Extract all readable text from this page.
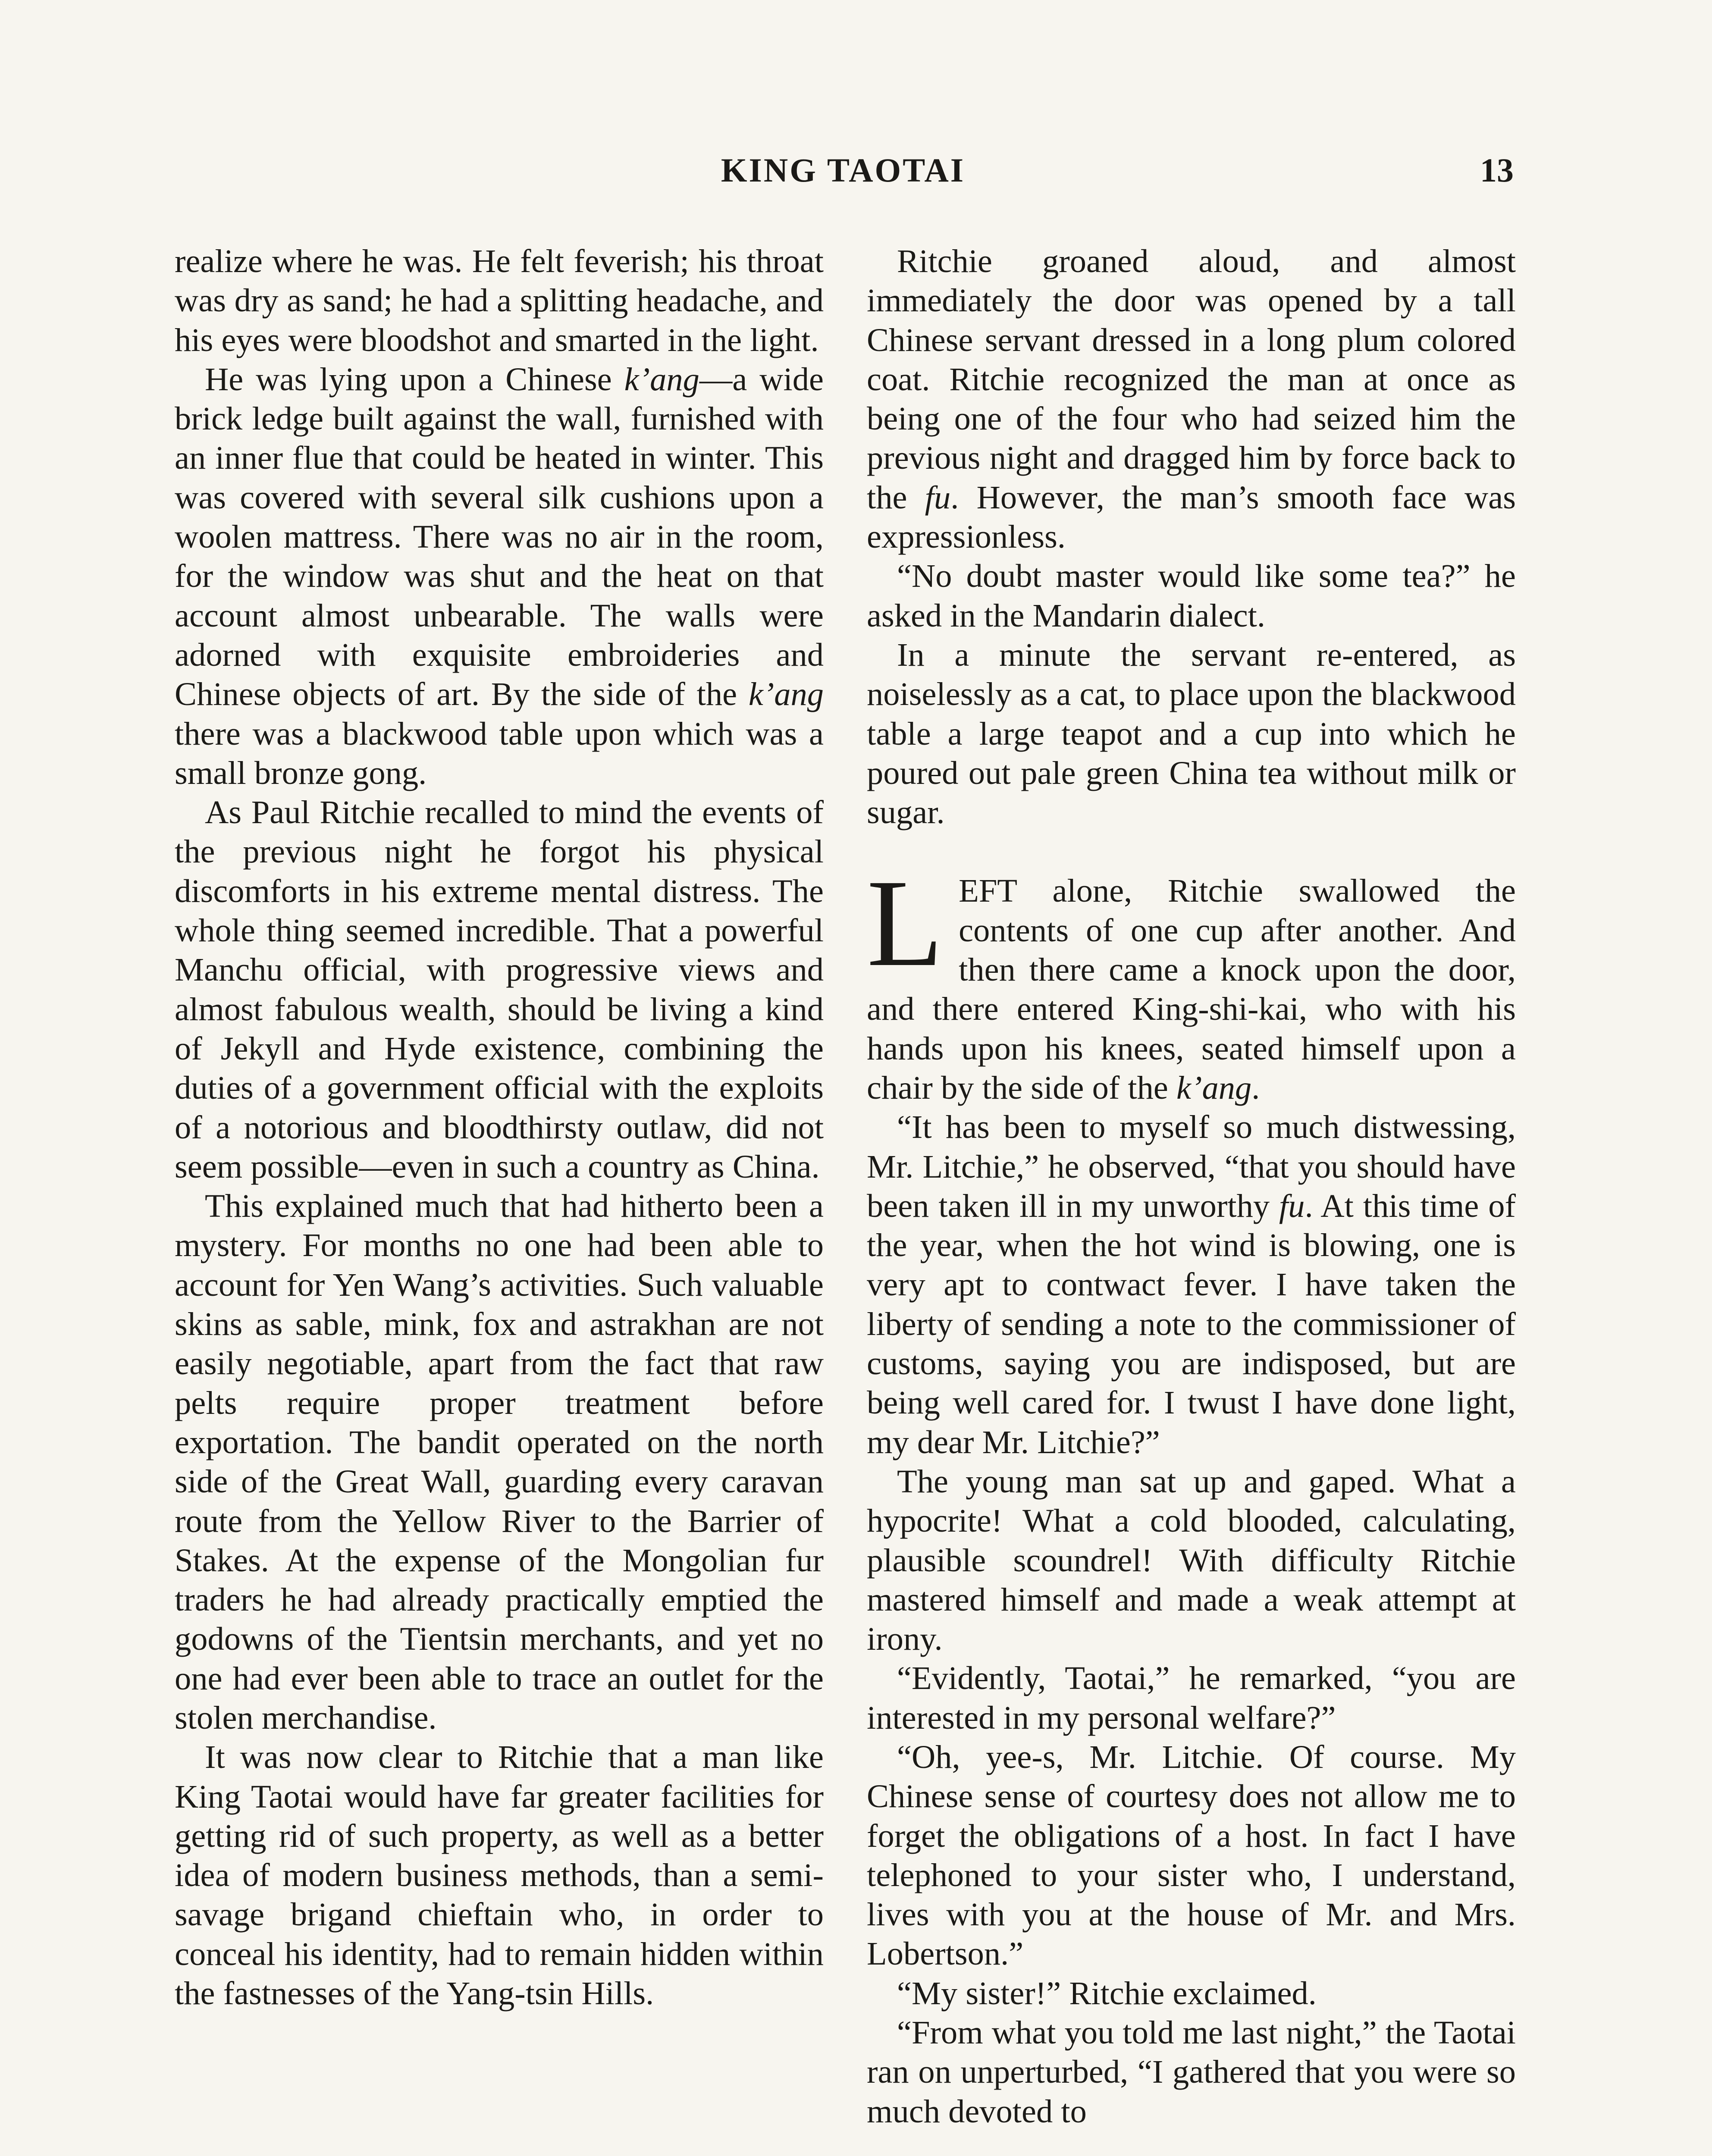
KING TAOTAI	13

realize where he was. He felt feverish; his throat was dry as sand; he had a splitting headache, and his eyes were bloodshot and smarted in the light.

He was lying upon a Chinese k’ang—a wide brick ledge built against the wall, furnished with an inner flue that could be heated in winter. This was covered with several silk cushions upon a woolen mattress. There was no air in the room, for the window was shut and the heat on that account almost unbearable. The walls were adorned with exquisite embroideries and Chinese objects of art. By the side of the k’ang there was a blackwood table upon which was a small bronze gong.

As Paul Ritchie recalled to mind the events of the previous night he forgot his physical discomforts in his extreme mental distress. The whole thing seemed incredible. That a powerful Manchu official, with progressive views and almost fabulous wealth, should be living a kind of Jekyll and Hyde existence, combining the duties of a government official with the exploits of a notorious and bloodthirsty outlaw, did not seem possible—even in such a country as China.

This explained much that had hitherto been a mystery. For months no one had been able to account for Yen Wang’s activities. Such valuable skins as sable, mink, fox and astrakhan are not easily negotiable, apart from the fact that raw pelts require proper treatment before exportation. The bandit operated on the north side of the Great Wall, guarding every caravan route from the Yellow River to the Barrier of Stakes. At the expense of the Mongolian fur traders he had already practically emptied the godowns of the Tientsin merchants, and yet no one had ever been able to trace an outlet for the stolen merchandise.

It was now clear to Ritchie that a man like King Taotai would have far greater facilities for getting rid of such property, as well as a better idea of modern business methods, than a semi-savage brigand chieftain who, in order to conceal his identity, had to remain hidden within the fastnesses of the Yang-tsin Hills.

Ritchie groaned aloud, and almost immediately the door was opened by a tall Chinese servant dressed in a long plum colored coat. Ritchie recognized the man at once as being one of the four who had seized him the previous night and dragged him by force back to the fu. However, the man’s smooth face was expressionless.

“No doubt master would like some tea?” he asked in the Mandarin dialect.

In a minute the servant re-entered, as noiselessly as a cat, to place upon the blackwood table a large teapot and a cup into which he poured out pale green China tea without milk or sugar.

L EFT alone, Ritchie swallowed the contents of one cup after another. And then there came a knock upon the door, and there entered King-shi-kai, who with his hands upon his knees, seated himself upon a chair by the side of the k’ang.

“It has been to myself so much distwessing, Mr. Litchie,” he observed, “that you should have been taken ill in my unworthy fu. At this time of the year, when the hot wind is blowing, one is very apt to contwact fever. I have taken the liberty of sending a note to the commissioner of customs, saying you are indisposed, but are being well cared for. I twust I have done light, my dear Mr. Litchie?”

The young man sat up and gaped. What a hypocrite! What a cold blooded, calculating, plausible scoundrel! With difficulty Ritchie mastered himself and made a weak attempt at irony.

“Evidently, Taotai,” he remarked, “you are interested in my personal welfare?”

“Oh, yee-s, Mr. Litchie. Of course. My Chinese sense of courtesy does not allow me to forget the obligations of a host. In fact I have telephoned to your sister who, I understand, lives with you at the house of Mr. and Mrs. Lobertson.”

“My sister!” Ritchie exclaimed.

“From what you told me last night,” the Taotai ran on unperturbed, “I gathered that you were so much devoted to
